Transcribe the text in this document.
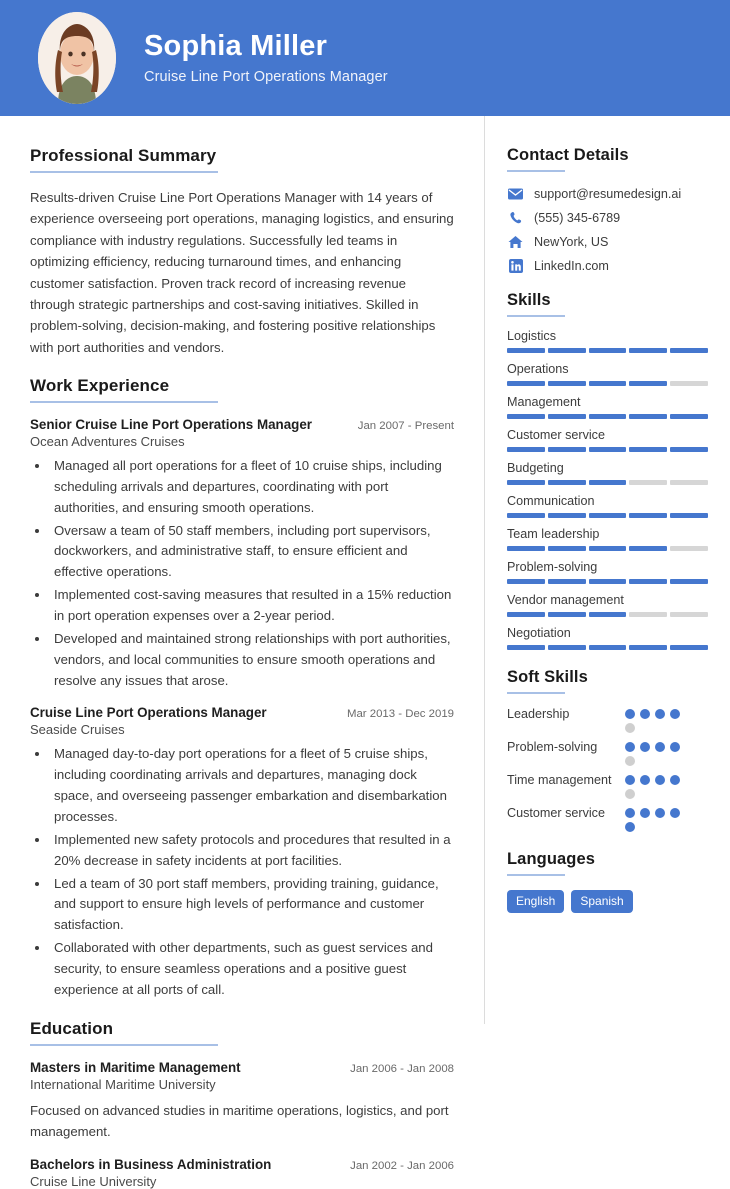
Sophia Miller
Cruise Line Port Operations Manager
Professional Summary
Results-driven Cruise Line Port Operations Manager with 14 years of experience overseeing port operations, managing logistics, and ensuring compliance with industry regulations. Successfully led teams in optimizing efficiency, reducing turnaround times, and enhancing customer satisfaction. Proven track record of increasing revenue through strategic partnerships and cost-saving initiatives. Skilled in problem-solving, decision-making, and fostering positive relationships with port authorities and vendors.
Work Experience
Senior Cruise Line Port Operations Manager	Jan 2007 - Present
Ocean Adventures Cruises
• Managed all port operations for a fleet of 10 cruise ships, including scheduling arrivals and departures, coordinating with port authorities, and ensuring smooth operations.
• Oversaw a team of 50 staff members, including port supervisors, dockworkers, and administrative staff, to ensure efficient and effective operations.
• Implemented cost-saving measures that resulted in a 15% reduction in port operation expenses over a 2-year period.
• Developed and maintained strong relationships with port authorities, vendors, and local communities to ensure smooth operations and resolve any issues that arose.
Cruise Line Port Operations Manager	Mar 2013 - Dec 2019
Seaside Cruises
• Managed day-to-day port operations for a fleet of 5 cruise ships, including coordinating arrivals and departures, managing dock space, and overseeing passenger embarkation and disembarkation processes.
• Implemented new safety protocols and procedures that resulted in a 20% decrease in safety incidents at port facilities.
• Led a team of 30 port staff members, providing training, guidance, and support to ensure high levels of performance and customer satisfaction.
• Collaborated with other departments, such as guest services and security, to ensure seamless operations and a positive guest experience at all ports of call.
Education
Masters in Maritime Management	Jan 2006 - Jan 2008
International Maritime University
Focused on advanced studies in maritime operations, logistics, and port management.
Bachelors in Business Administration	Jan 2002 - Jan 2006
Cruise Line University
Contact Details
support@resumedesign.ai
(555) 345-6789
NewYork, US
LinkedIn.com
Skills
Logistics
Operations
Management
Customer service
Budgeting
Communication
Team leadership
Problem-solving
Vendor management
Negotiation
Soft Skills
Leadership
Problem-solving
Time management
Customer service
Languages
English	Spanish
